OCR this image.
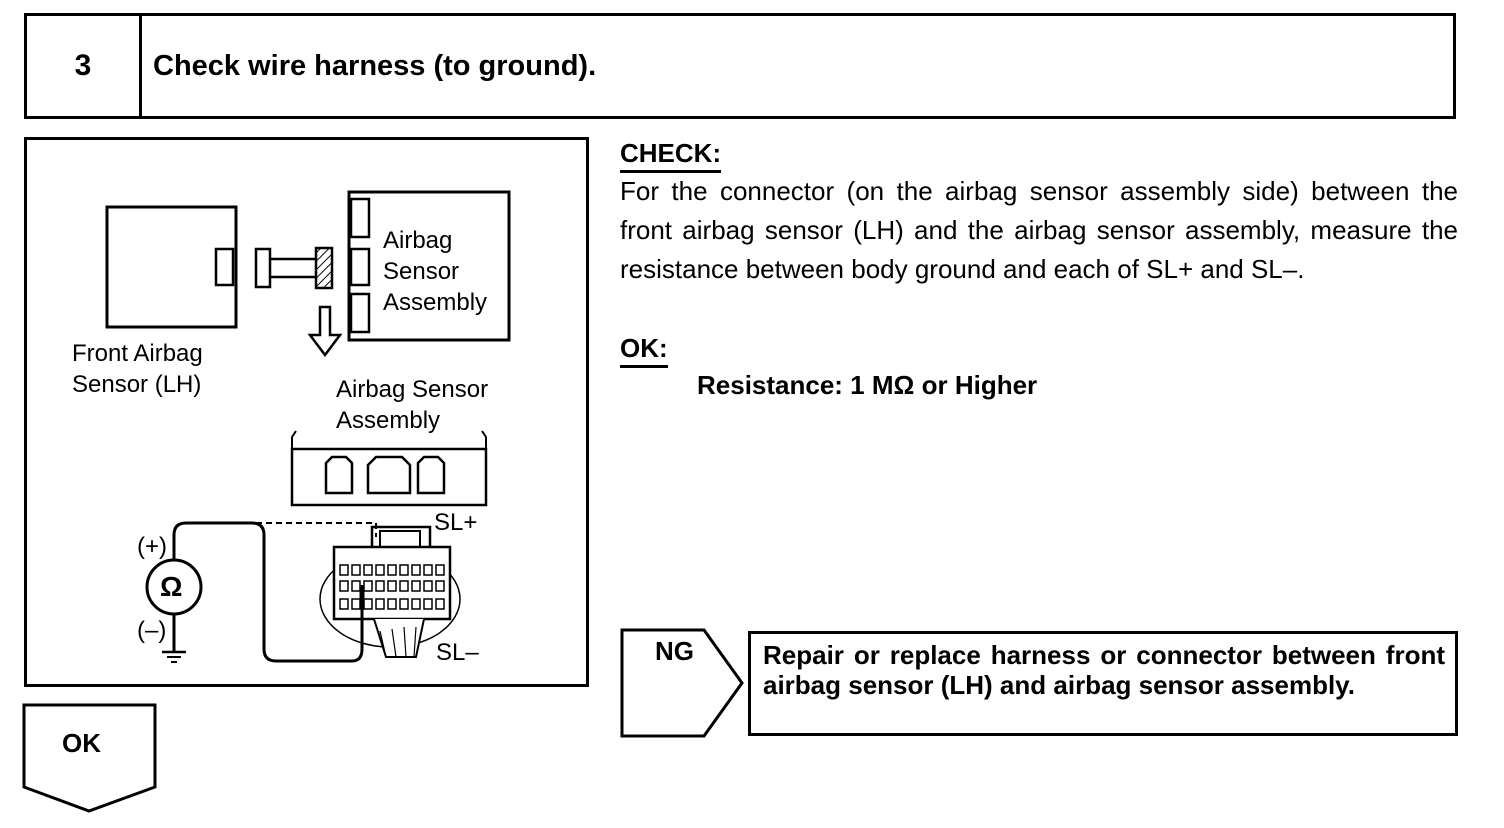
3	Check wire harness (to ground).
Front Airbag
Sensor (LH)
Airbag
Sensor
Assembly
Airbag Sensor
Assembly
SL+
SL–
(+)
(–)
Ω
CHECK:

For the connector (on the airbag sensor assembly side) between the front airbag sensor (LH) and the airbag sensor assembly, measure the resistance between body ground and each of SL+ and SL–.

OK:
Resistance: 1 MΩ or Higher
NG	Repair or replace harness or connector between front airbag sensor (LH) and airbag sensor assembly.
OK
